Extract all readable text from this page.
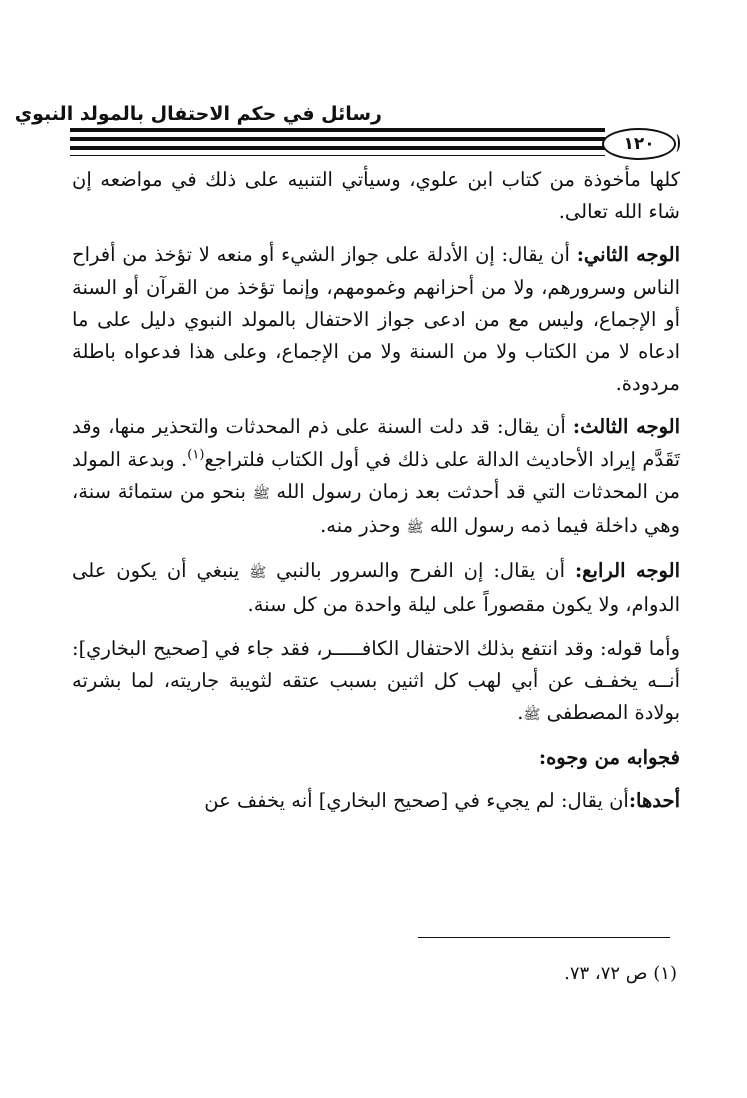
رسائل في حكم الاحتفال بالمولد النبوي
١٢٠

كلها مأخوذة من كتاب ابن علوي، وسيأتي التنبيه على ذلك في مواضعه إن شاء الله تعالى.

الوجه الثاني: أن يقال: إن الأدلة على جواز الشيء أو منعه لا تؤخذ من أفراح الناس وسرورهم، ولا من أحزانهم وغمومهم، وإنما تؤخذ من القرآن أو السنة أو الإجماع، وليس مع من ادعى جواز الاحتفال بالمولد النبوي دليل على ما ادعاه لا من الكتاب ولا من السنة ولا من الإجماع، وعلى هذا فدعواه باطلة مردودة.

الوجه الثالث: أن يقال: قد دلت السنة على ذم المحدثات والتحذير منها، وقد تَقَدَّم إيراد الأحاديث الدالة على ذلك في أول الكتاب فلتراجع$^{(١)}$. وبدعة المولد من المحدثات التي قد أحدثت بعد زمان رسول الله ﷺ بنحو من ستمائة سنة، وهي داخلة فيما ذمه رسول الله ﷺ وحذر منه.

الوجه الرابع: أن يقال: إن الفرح والسرور بالنبي ﷺ ينبغي أن يكون على الدوام، ولا يكون مقصوراً على ليلة واحدة من كل سنة.

وأما قوله: وقد انتفع بذلك الاحتفال الكافـــــر، فقد جاء في [صحيح البخاري]: أنــه يخفـف عن أبي لهب كل اثنين بسبب عتقه لثويبة جاريته، لما بشرته بولادة المصطفى ﷺ.

فجوابه من وجوه:

أحدها:أن يقال: لم يجيء في [صحيح البخاري] أنه يخفف عن

(١) ص ٧٢، ٧٣.
